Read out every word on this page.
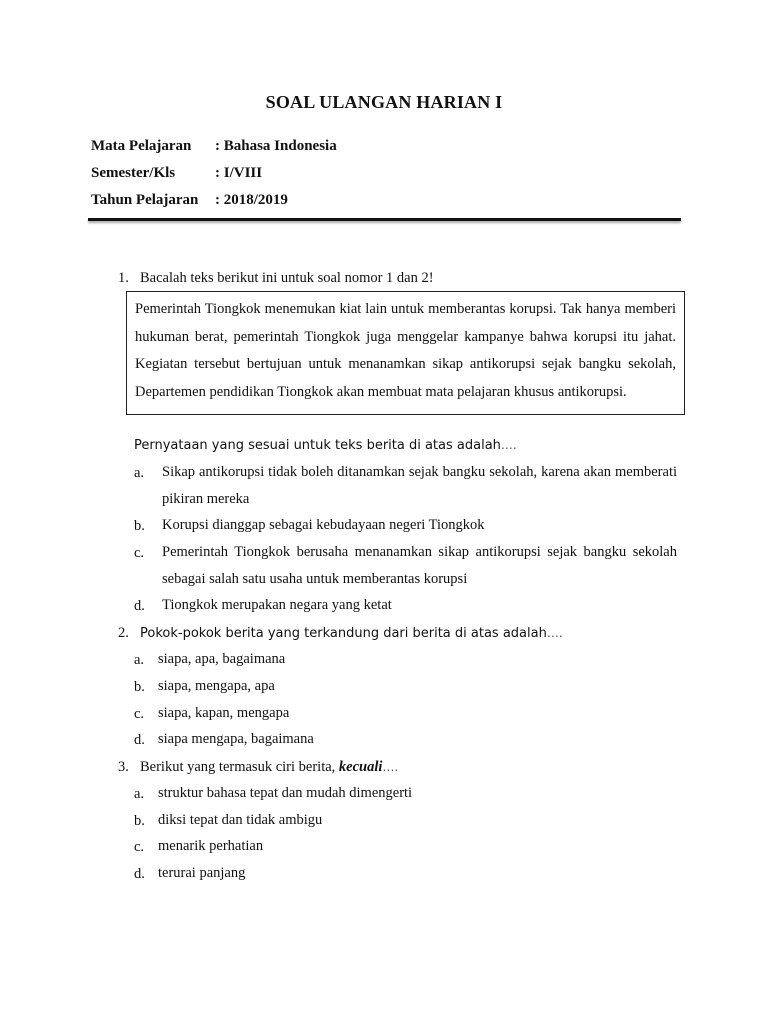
SOAL ULANGAN HARIAN I
Mata Pelajaran : Bahasa Indonesia
Semester/Kls	: I/VIII
Tahun Pelajaran : 2018/2019
1. Bacalah teks berikut ini untuk soal nomor 1 dan 2!
Pemerintah Tiongkok menemukan kiat lain untuk memberantas korupsi. Tak hanya memberi hukuman berat, pemerintah Tiongkok juga menggelar kampanye bahwa korupsi itu jahat. Kegiatan tersebut bertujuan untuk menanamkan sikap antikorupsi sejak bangku sekolah, Departemen pendidikan Tiongkok akan membuat mata pelajaran khusus antikorupsi.
Pernyataan yang sesuai untuk teks berita di atas adalah….
a. Sikap antikorupsi tidak boleh ditanamkan sejak bangku sekolah, karena akan memberati pikiran mereka
b. Korupsi dianggap sebagai kebudayaan negeri Tiongkok
c. Pemerintah Tiongkok berusaha menanamkan sikap antikorupsi sejak bangku sekolah sebagai salah satu usaha untuk memberantas korupsi
d. Tiongkok merupakan negara yang ketat
2. Pokok-pokok berita yang terkandung dari berita di atas adalah….
a. siapa, apa, bagaimana
b. siapa, mengapa, apa
c. siapa, kapan, mengapa
d. siapa mengapa, bagaimana
3. Berikut yang termasuk ciri berita, kecuali….
a. struktur bahasa tepat dan mudah dimengerti
b. diksi tepat dan tidak ambigu
c. menarik perhatian
d. terurai panjang
